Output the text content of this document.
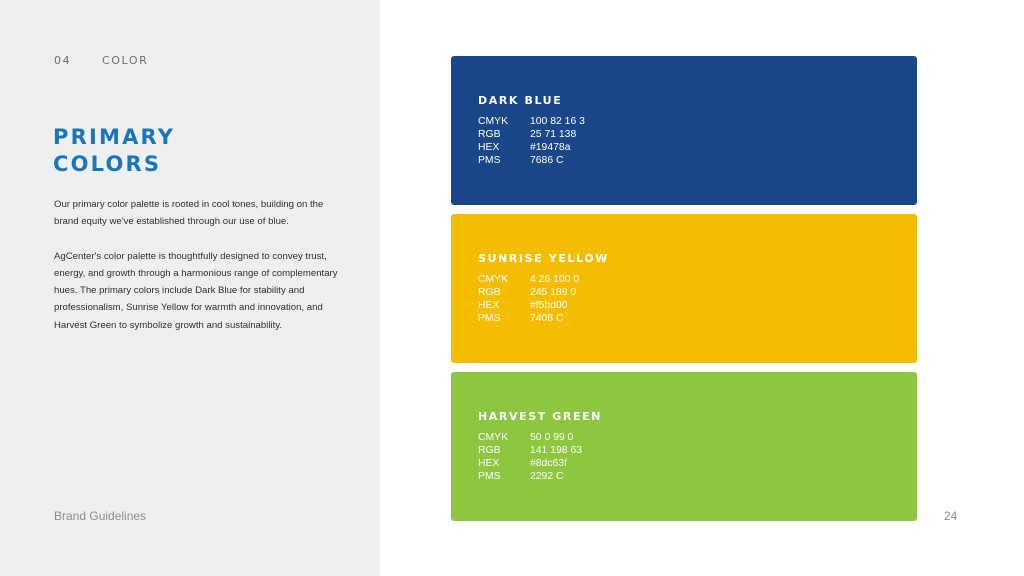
04	COLOR
PRIMARY
COLORS

Our primary color palette is rooted in cool tones, building on the brand equity we've established through our use of blue.

AgCenter's color palette is thoughtfully designed to convey trust, energy, and growth through a harmonious range of complementary hues. The primary colors include Dark Blue for stability and professionalism, Sunrise Yellow for warmth and innovation, and Harvest Green to symbolize growth and sustainability.

Brand Guidelines
DARK BLUE
CMYK 100 82 16 3
RGB	25 71 138
HEX	#19478a
PMS	7686 C
SUNRISE YELLOW
CMYK 4 26 100 0
RGB	245 189 0
HEX	#f5bd00
PMS	7408 C
HARVEST GREEN
CMYK 50 0 99 0
RGB	141 198 63
HEX	#8dc63f
PMS	2292 C
24
